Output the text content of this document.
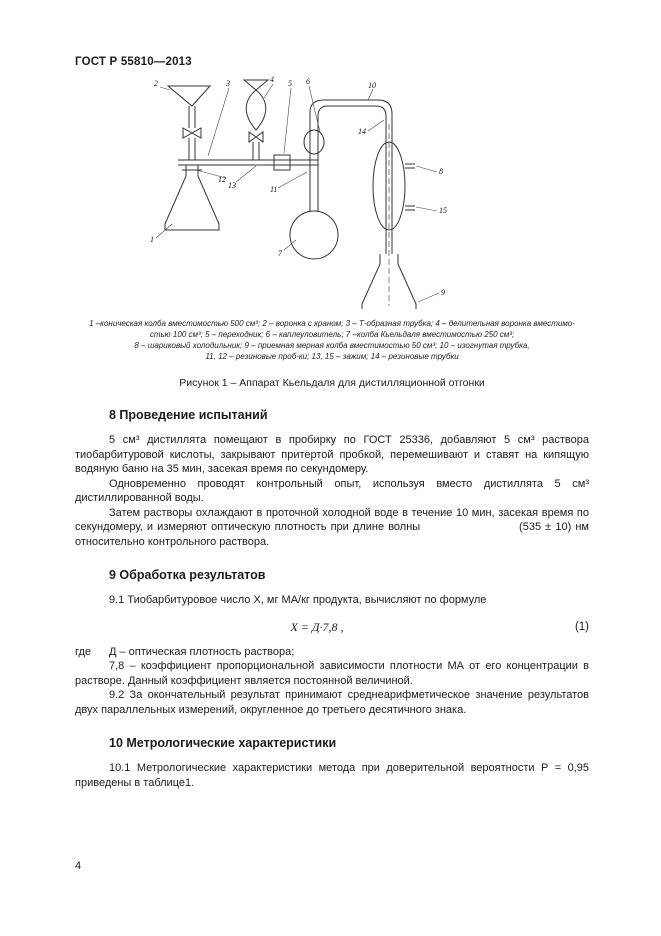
ГОСТ Р 55810—2013
1
2	3	4 5 6
7
8
9
10
11
12
13
14
15
1 –коническая колба вместимостью 500 см³; 2 – воронка с краном; 3 – Т-образная трубка; 4 – делительная воронка вместимо-
стью 100 см³; 5 – переходник; 6 – каплеуловитель; 7 –колба Кьельдаля вместимостью 250 см³;
8 – шариковый холодильник; 9 – приемная мерная колба вместимостью 50 см³; 10 – изогнутая трубка,
11, 12 – резиновые проб-ки; 13, 15 – зажим; 14 – резиновые трубки
Рисунок 1 – Аппарат Кьельдаля для дистилляционной отгонки
8 Проведение испытаний

5 см³ дистиллята помещают в пробирку по ГОСТ 25336, добавляют 5 см³ раствора тиобарбитуровой кислоты, закрывают притертой пробкой, перемешивают и ставят на кипящую водяную баню на 35 мин, засекая время по секундомеру.

Одновременно проводят контрольный опыт, используя вместо дистиллята 5 см³ дистиллированной воды.

Затем растворы охлаждают в проточной холодной воде в течение 10 мин, засекая время по секундомеру, и измеряют оптическую плотность при длине волны                        (535 ± 10) нм относительно контрольного раствора.

9 Обработка результатов

9.1 Тиобарбитуровое число Х, мг МА/кг продукта, вычисляют по формуле

Х = Д·7,8 ,	(1)

где Д – оптическая плотность раствора;

7,8 – коэффициент пропорциональной зависимости плотности МА от его концентрации в растворе. Данный коэффициент является постоянной величиной.

9.2 За окончательный результат принимают среднеарифметическое значение результатов двух параллельных измерений, округленное до третьего десятичного знака.

10 Метрологические характеристики

10.1 Метрологические характеристики метода при доверительной вероятности Р = 0,95 приведены в таблице1.

4
